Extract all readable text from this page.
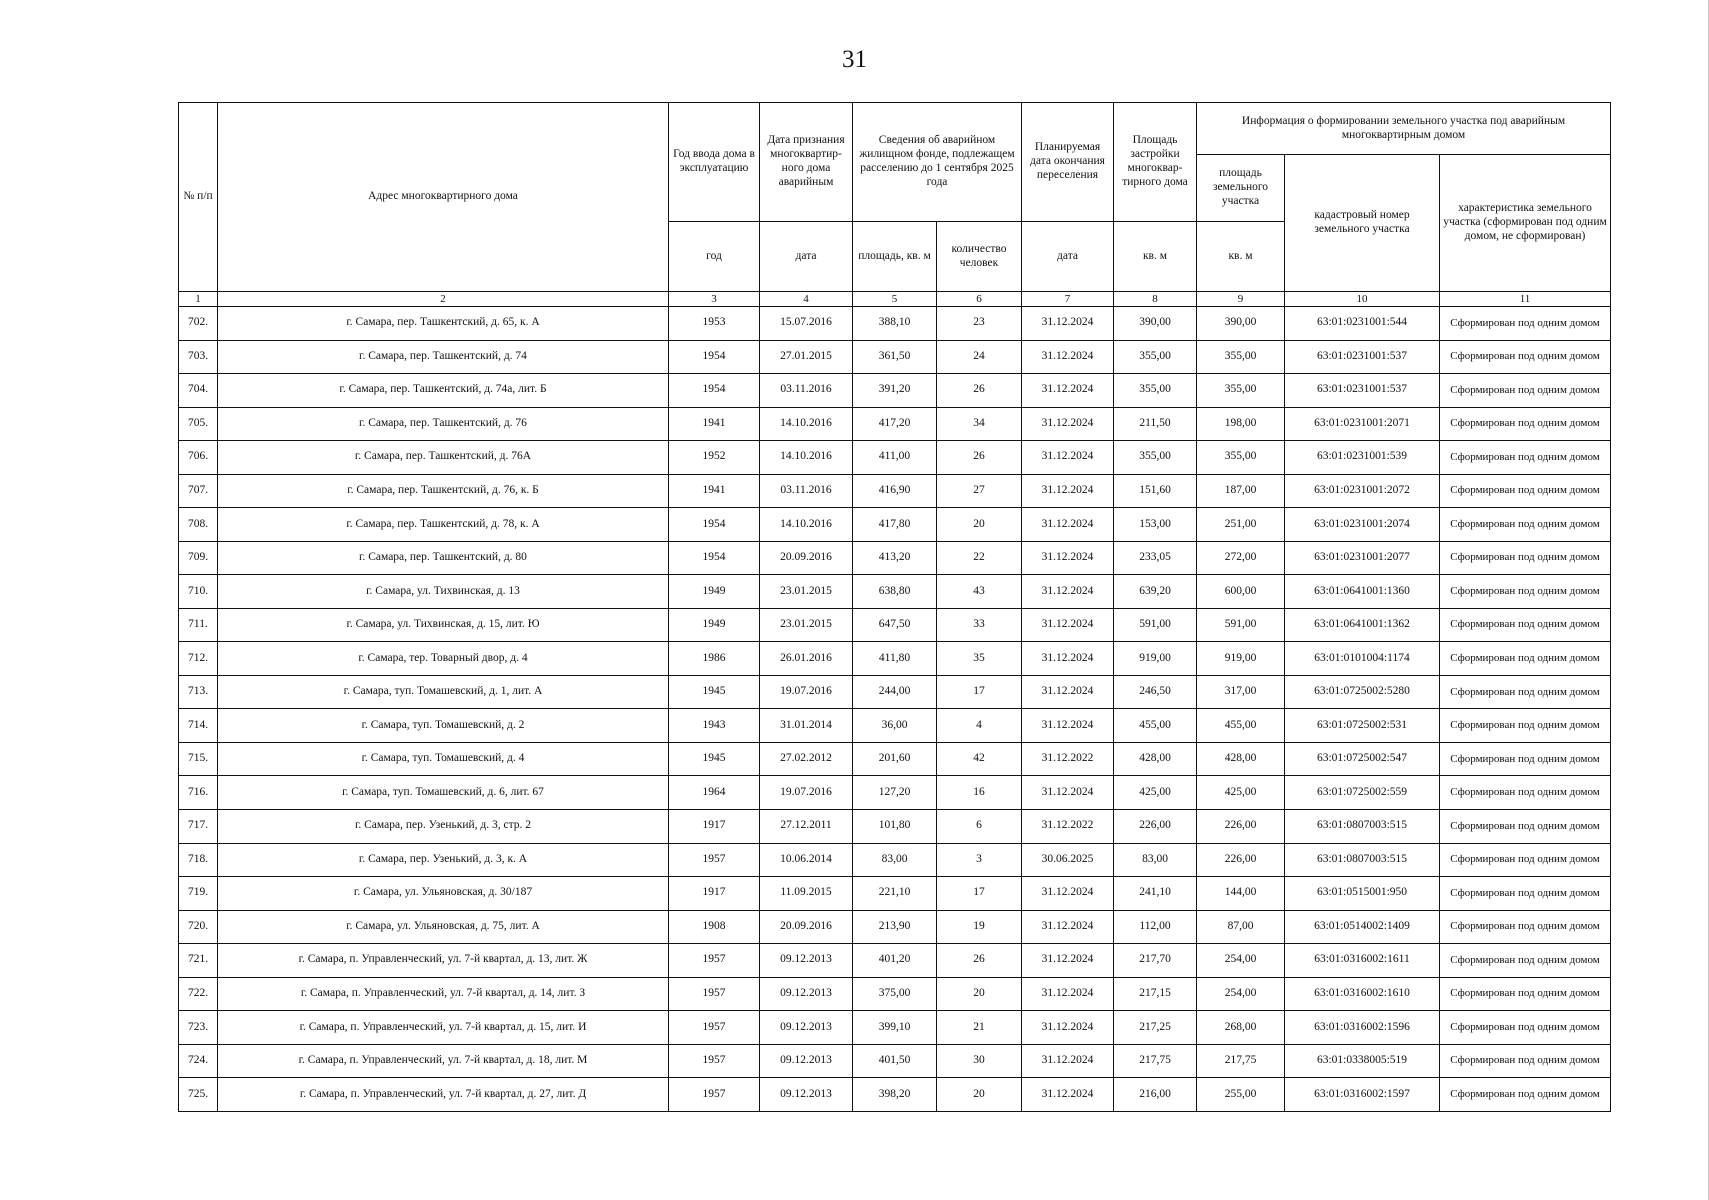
31
№ п/п	Адрес многоквартирного дома	Год ввода дома в эксплуатацию	Дата признания многоквартир-ного дома аварийным	Сведения об аварийном жилищном фонде, подлежащем расселению до 1 сентября 2025 года		Планируемая дата окончания переселения	Площадь застройки многоквар-тирного дома	Информация о формировании земельного участка под аварийным многоквартирным домом		
								площадь земельного участка	кадастровый номер земельного участка	характеристика земельного участка (сформирован под одним домом, не сформирован)
		год	дата	площадь, кв. м	количество человек	дата	кв. м	кв. м		
1	2	3	4	5	6	7	8	9	10	11
702.	г. Самара, пер. Ташкентский, д. 65, к. А	1953	15.07.2016	388,10	23	31.12.2024	390,00	390,00	63:01:0231001:544	Сформирован под одним домом
703.	г. Самара, пер. Ташкентский, д. 74	1954	27.01.2015	361,50	24	31.12.2024	355,00	355,00	63:01:0231001:537	Сформирован под одним домом
704.	г. Самара, пер. Ташкентский, д. 74а, лит. Б	1954	03.11.2016	391,20	26	31.12.2024	355,00	355,00	63:01:0231001:537	Сформирован под одним домом
705.	г. Самара, пер. Ташкентский, д. 76	1941	14.10.2016	417,20	34	31.12.2024	211,50	198,00	63:01:0231001:2071	Сформирован под одним домом
706.	г. Самара, пер. Ташкентский, д. 76А	1952	14.10.2016	411,00	26	31.12.2024	355,00	355,00	63:01:0231001:539	Сформирован под одним домом
707.	г. Самара, пер. Ташкентский, д. 76, к. Б	1941	03.11.2016	416,90	27	31.12.2024	151,60	187,00	63:01:0231001:2072	Сформирован под одним домом
708.	г. Самара, пер. Ташкентский, д. 78, к. А	1954	14.10.2016	417,80	20	31.12.2024	153,00	251,00	63:01:0231001:2074	Сформирован под одним домом
709.	г. Самара, пер. Ташкентский, д. 80	1954	20.09.2016	413,20	22	31.12.2024	233,05	272,00	63:01:0231001:2077	Сформирован под одним домом
710.	г. Самара, ул. Тихвинская, д. 13	1949	23.01.2015	638,80	43	31.12.2024	639,20	600,00	63:01:0641001:1360	Сформирован под одним домом
711.	г. Самара, ул. Тихвинская, д. 15, лит. Ю	1949	23.01.2015	647,50	33	31.12.2024	591,00	591,00	63:01:0641001:1362	Сформирован под одним домом
712.	г. Самара, тер. Товарный двор, д. 4	1986	26.01.2016	411,80	35	31.12.2024	919,00	919,00	63:01:0101004:1174	Сформирован под одним домом
713.	г. Самара, туп. Томашевский, д. 1, лит. А	1945	19.07.2016	244,00	17	31.12.2024	246,50	317,00	63:01:0725002:5280	Сформирован под одним домом
714.	г. Самара, туп. Томашевский, д. 2	1943	31.01.2014	36,00	4	31.12.2024	455,00	455,00	63:01:0725002:531	Сформирован под одним домом
715.	г. Самара, туп. Томашевский, д. 4	1945	27.02.2012	201,60	42	31.12.2022	428,00	428,00	63:01:0725002:547	Сформирован под одним домом
716.	г. Самара, туп. Томашевский, д. 6, лит. 67	1964	19.07.2016	127,20	16	31.12.2024	425,00	425,00	63:01:0725002:559	Сформирован под одним домом
717.	г. Самара, пер. Узенький, д. 3, стр. 2	1917	27.12.2011	101,80	6	31.12.2022	226,00	226,00	63:01:0807003:515	Сформирован под одним домом
718.	г. Самара, пер. Узенький, д. 3, к. А	1957	10.06.2014	83,00	3	30.06.2025	83,00	226,00	63:01:0807003:515	Сформирован под одним домом
719.	г. Самара, ул. Ульяновская, д. 30/187	1917	11.09.2015	221,10	17	31.12.2024	241,10	144,00	63:01:0515001:950	Сформирован под одним домом
720.	г. Самара, ул. Ульяновская, д. 75, лит. А	1908	20.09.2016	213,90	19	31.12.2024	112,00	87,00	63:01:0514002:1409	Сформирован под одним домом
721.	г. Самара, п. Управленческий, ул. 7-й квартал, д. 13, лит. Ж	1957	09.12.2013	401,20	26	31.12.2024	217,70	254,00	63:01:0316002:1611	Сформирован под одним домом
722.	г. Самара, п. Управленческий, ул. 7-й квартал, д. 14, лит. З	1957	09.12.2013	375,00	20	31.12.2024	217,15	254,00	63:01:0316002:1610	Сформирован под одним домом
723.	г. Самара, п. Управленческий, ул. 7-й квартал, д. 15, лит. И	1957	09.12.2013	399,10	21	31.12.2024	217,25	268,00	63:01:0316002:1596	Сформирован под одним домом
724.	г. Самара, п. Управленческий, ул. 7-й квартал, д. 18, лит. М	1957	09.12.2013	401,50	30	31.12.2024	217,75	217,75	63:01:0338005:519	Сформирован под одним домом
725.	г. Самара, п. Управленческий, ул. 7-й квартал, д. 27, лит. Д	1957	09.12.2013	398,20	20	31.12.2024	216,00	255,00	63:01:0316002:1597	Сформирован под одним домом
